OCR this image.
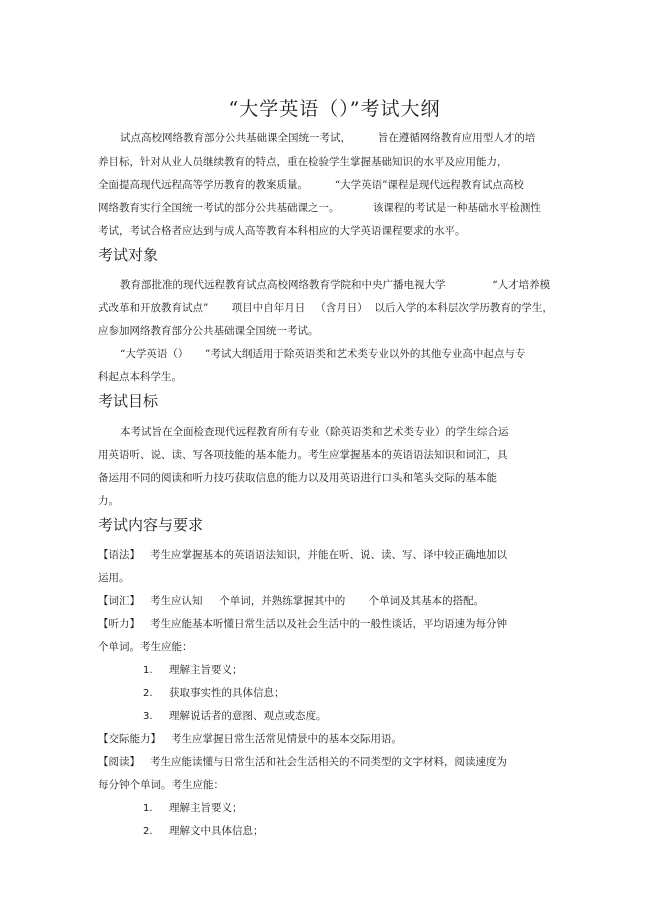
“大学英语（）”考试大纲
试点高校网络教育部分公共基础课全国统一考试，        旨在遵循网络教育应用型人才的培
养目标，针对从业人员继续教育的特点，重在检验学生掌握基础知识的水平及应用能力，
全面提高现代远程高等学历教育的教案质量。        “大学英语”课程是现代远程教育试点高校
网络教育实行全国统一考试的部分公共基础课之一。          该课程的考试是一种基础水平检测性
考试，考试合格者应达到与成人高等教育本科相应的大学英语课程要求的水平。
考试对象
教育部批准的现代远程教育试点高校网络教育学院和中央广播电视大学              “人才培养模
式改革和开放教育试点”       项目中自年月日   （含月日）  以后入学的本科层次学历教育的学生，
应参加网络教育部分公共基础课全国统一考试。
“大学英语（）     ”考试大纲适用于除英语类和艺术类专业以外的其他专业高中起点与专
科起点本科学生。
考试目标
本考试旨在全面检查现代远程教育所有专业（除英语类和艺术类专业）的学生综合运
用英语听、说、读、写各项技能的基本能力。考生应掌握基本的英语语法知识和词汇，具
备运用不同的阅读和听力技巧获取信息的能力以及用英语进行口头和笔头交际的基本能
力。
考试内容与要求
【语法】   考生应掌握基本的英语语法知识，并能在听、说、读、写、译中较正确地加以
运用。
【词汇】   考生应认知     个单词，并熟练掌握其中的       个单词及其基本的搭配。
【听力】   考生应能基本听懂日常生活以及社会生活中的一般性谈话，平均语速为每分钟
个单词。考生应能：
1. 理解主旨要义；
2. 获取事实性的具体信息；
3. 理解说话者的意图、观点或态度。
【交际能力】   考生应掌握日常生活常见情景中的基本交际用语。
【阅读】   考生应能读懂与日常生活和社会生活相关的不同类型的文字材料，阅读速度为
每分钟个单词。考生应能：
1. 理解主旨要义；
2. 理解文中具体信息；
